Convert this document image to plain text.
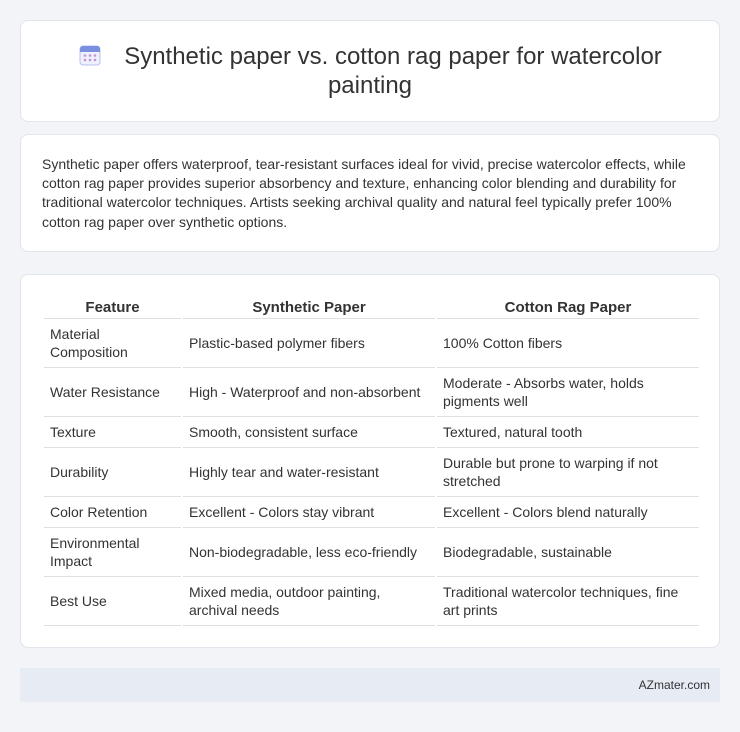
Synthetic paper vs. cotton rag paper for watercolor painting

Synthetic paper offers waterproof, tear-resistant surfaces ideal for vivid, precise watercolor effects, while cotton rag paper provides superior absorbency and texture, enhancing color blending and durability for traditional watercolor techniques. Artists seeking archival quality and natural feel typically prefer 100% cotton rag paper over synthetic options.

Feature	Synthetic Paper	Cotton Rag Paper
Material Composition	Plastic-based polymer fibers	100% Cotton fibers
Water Resistance	High - Waterproof and non-absorbent	Moderate - Absorbs water, holds pigments well
Texture	Smooth, consistent surface	Textured, natural tooth
Durability	Highly tear and water-resistant	Durable but prone to warping if not stretched
Color Retention	Excellent - Colors stay vibrant	Excellent - Colors blend naturally
Environmental Impact	Non-biodegradable, less eco-friendly	Biodegradable, sustainable
Best Use	Mixed media, outdoor painting, archival needs	Traditional watercolor techniques, fine art prints
AZmater.com
